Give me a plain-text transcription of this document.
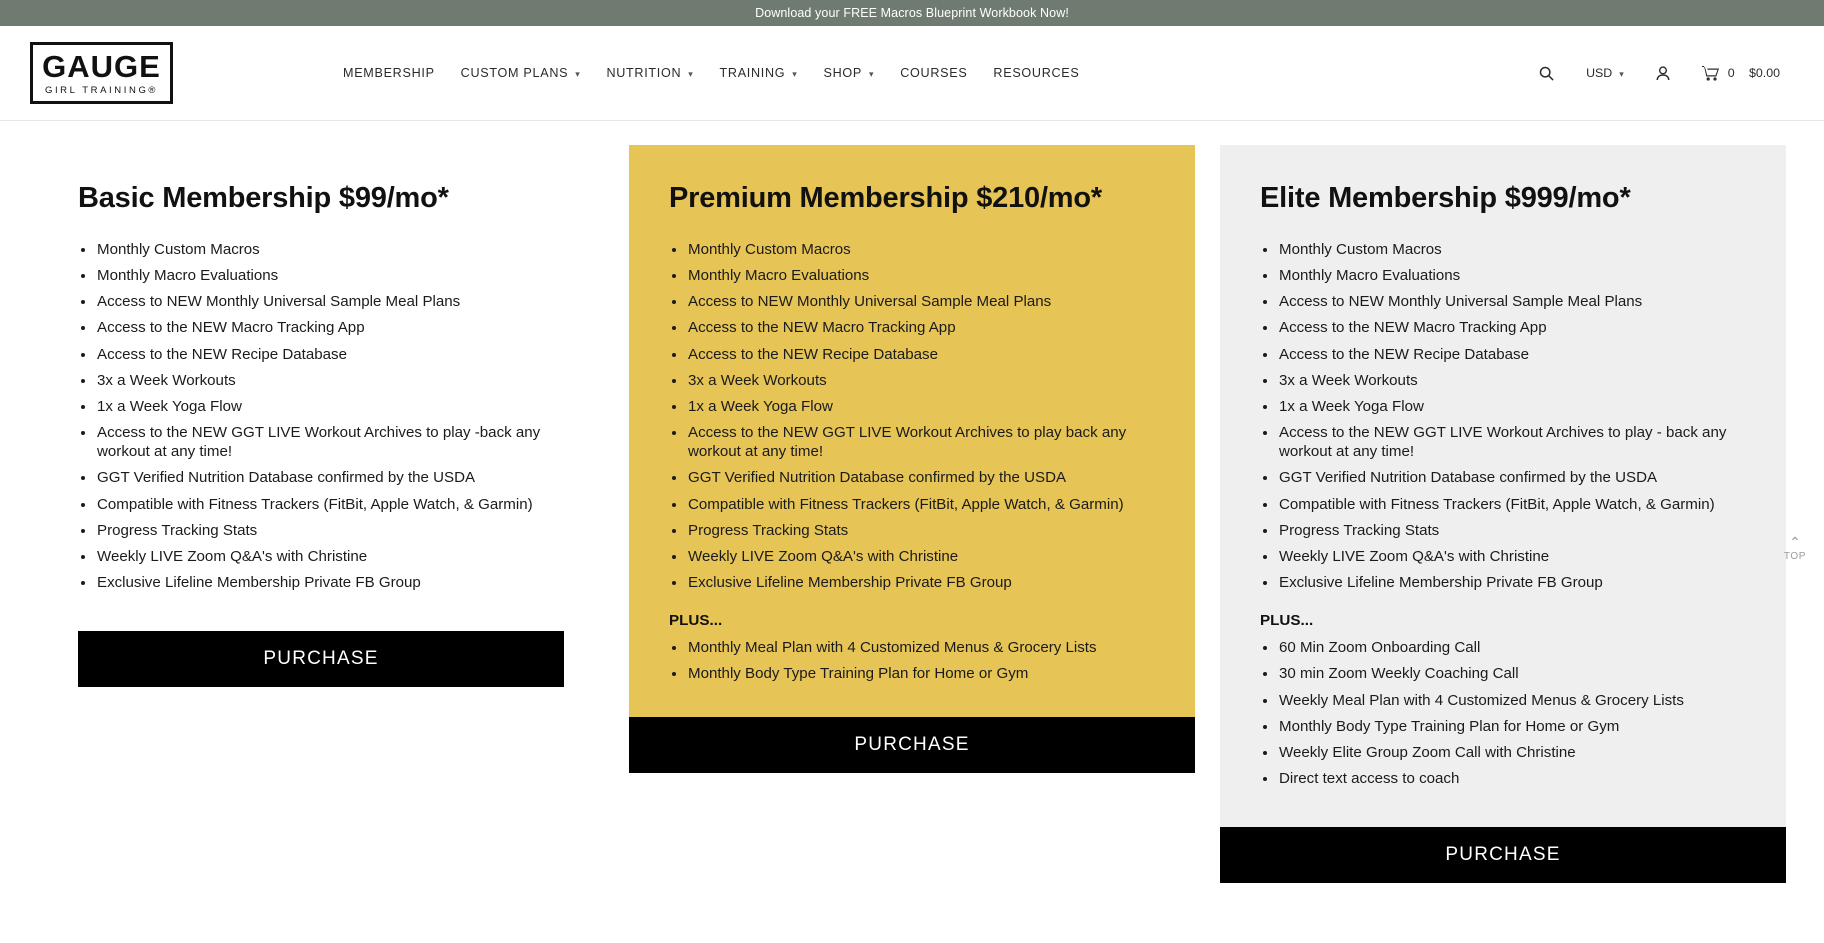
Download your FREE Macros Blueprint Workbook Now!
GAUGE
GIRL TRAINING®
MEMBERSHIP CUSTOM PLANS ▾ NUTRITION ▾ TRAINING ▾ SHOP ▾ COURSES RESOURCES	USD ▾	0 $0.00
Basic Membership $99/mo*
Monthly Custom Macros
Monthly Macro Evaluations
Access to NEW Monthly Universal Sample Meal Plans
Access to the NEW Macro Tracking App
Access to the NEW Recipe Database
3x a Week Workouts
1x a Week Yoga Flow
Access to the NEW GGT LIVE Workout Archives to play -back any workout at any time!
GGT Verified Nutrition Database confirmed by the USDA
Compatible with Fitness Trackers (FitBit, Apple Watch, & Garmin)
Progress Tracking Stats
Weekly LIVE Zoom Q&A's with Christine
Exclusive Lifeline Membership Private FB Group
PURCHASE
Premium Membership $210/mo*
Monthly Custom Macros
Monthly Macro Evaluations
Access to NEW Monthly Universal Sample Meal Plans
Access to the NEW Macro Tracking App
Access to the NEW Recipe Database
3x a Week Workouts
1x a Week Yoga Flow
Access to the NEW GGT LIVE Workout Archives to play back any workout at any time!
GGT Verified Nutrition Database confirmed by the USDA
Compatible with Fitness Trackers (FitBit, Apple Watch, & Garmin)
Progress Tracking Stats
Weekly LIVE Zoom Q&A's with Christine
Exclusive Lifeline Membership Private FB Group
PLUS...
Monthly Meal Plan with 4 Customized Menus & Grocery Lists
Monthly Body Type Training Plan for Home or Gym
PURCHASE
Elite Membership $999/mo*
Monthly Custom Macros
Monthly Macro Evaluations
Access to NEW Monthly Universal Sample Meal Plans
Access to the NEW Macro Tracking App
Access to the NEW Recipe Database
3x a Week Workouts
1x a Week Yoga Flow
Access to the NEW GGT LIVE Workout Archives to play - back any workout at any time!
GGT Verified Nutrition Database confirmed by the USDA
Compatible with Fitness Trackers (FitBit, Apple Watch, & Garmin)
Progress Tracking Stats
Weekly LIVE Zoom Q&A's with Christine
Exclusive Lifeline Membership Private FB Group
PLUS...
60 Min Zoom Onboarding Call
30 min Zoom Weekly Coaching Call
Weekly Meal Plan with 4 Customized Menus & Grocery Lists
Monthly Body Type Training Plan for Home or Gym
Weekly Elite Group Zoom Call with Christine
Direct text access to coach
PURCHASE
⌃
TOP
